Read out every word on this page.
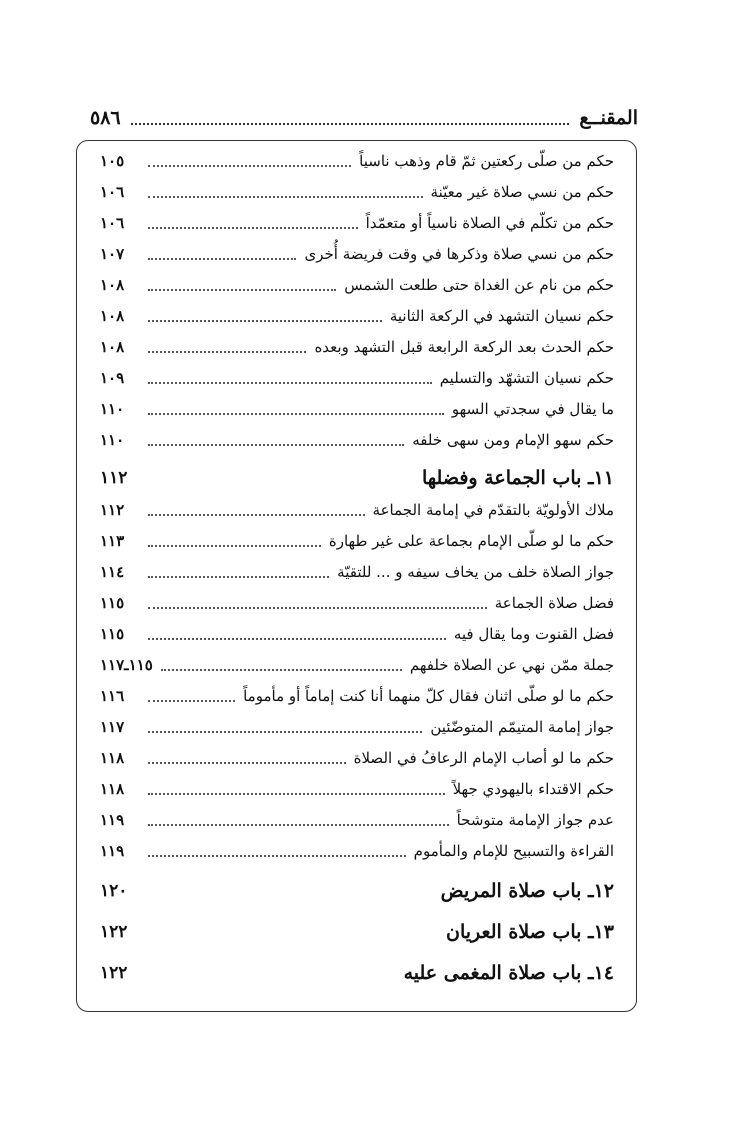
المقنــع
٥٨٦
حكم من صلّى ركعتين ثمّ قام وذهب ناسياً
١٠٥
حكم من نسي صلاة غير معيّنة
١٠٦
حكم من تكلّم في الصلاة ناسياً أو متعمّداً
١٠٦
حكم من نسي صلاة وذكرها في وقت فريضة أُخرى
١٠٧
حكم من نام عن الغداة حتى طلعت الشمس
١٠٨
حكم نسيان التشهد في الركعة الثانية
١٠٨
حكم الحدث بعد الركعة الرابعة قبل التشهد وبعده
١٠٨
حكم نسيان التشهّد والتسليم
١٠٩
ما يقال في سجدتي السهو
١١٠
حكم سهو الإمام ومن سهى خلفه
١١٠
١١ـ باب الجماعة وفضلها
١١٢
ملاك الأولويّة بالتقدّم في إمامة الجماعة
١١٢
حكم ما لو صلّى الإمام بجماعة على غير طهارة
١١٣
جواز الصلاة خلف من يخاف سيفه و ... للتقيّة
١١٤
فضل صلاة الجماعة
١١٥
فضل القنوت وما يقال فيه
١١٥
جملة ممّن نهي عن الصلاة خلفهم
١١٥ـ١١٧
حكم ما لو صلّى اثنان فقال كلّ منهما أنا كنت إماماً أو مأموماً
١١٦
جواز إمامة المتيمّم المتوضّئين
١١٧
حكم ما لو أصاب الإمام الرعافُ في الصلاة
١١٨
حكم الاقتداء باليهودي جهلاً
١١٨
عدم جواز الإمامة متوشحاً
١١٩
القراءة والتسبيح للإمام والمأموم
١١٩
١٢ـ باب صلاة المريض
١٢٠
١٣ـ باب صلاة العريان
١٢٢
١٤ـ باب صلاة المغمى عليه
١٢٢
